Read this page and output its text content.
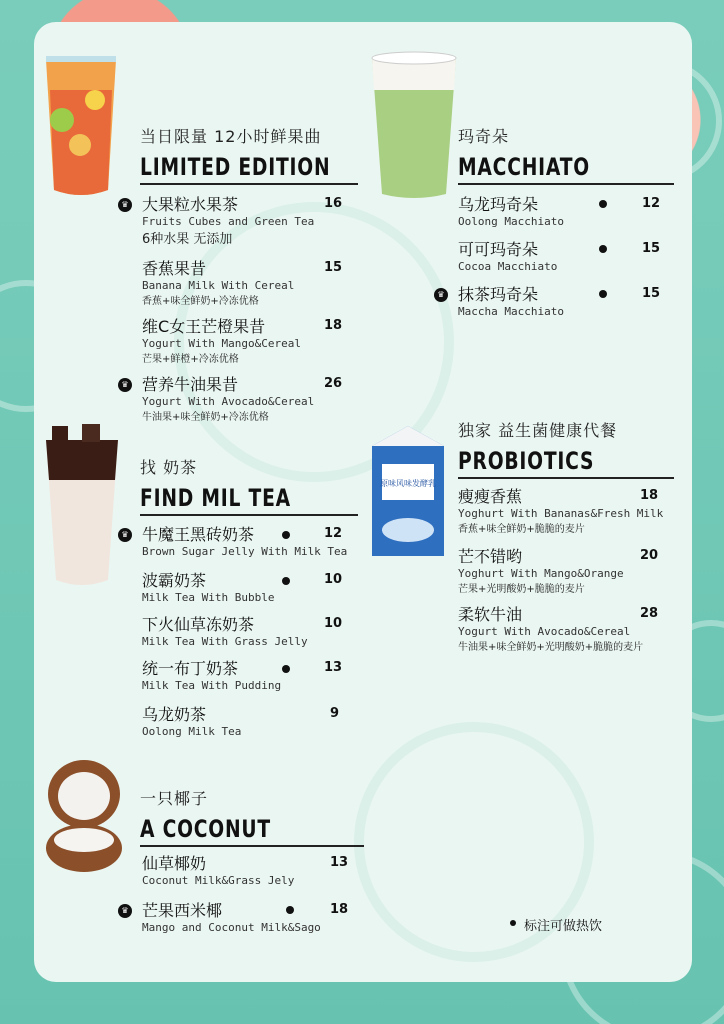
当日限量 12小时鲜果曲
LIMITED EDITION
♛ 大果粒水果茶
Fruits Cubes and Green Tea
6种水果 无添加
16
香蕉果昔
Banana Milk With Cereal
香蕉+味全鲜奶+冷冻优格
15
维C女王芒橙果昔
Yogurt With Mango&Cereal
芒果+鲜橙+冷冻优格
18
♛ 营养牛油果昔
Yogurt With Avocado&Cereal
牛油果+味全鲜奶+冷冻优格
26
找 奶茶
FIND MIL TEA
♛ 牛魔王黑砖奶茶
Brown Sugar Jelly With Milk Tea
12
波霸奶茶
Milk Tea With Bubble
10
下火仙草冻奶茶
Milk Tea With Grass Jelly
10
统一布丁奶茶
Milk Tea With Pudding
13
乌龙奶茶
Oolong Milk Tea
9
一只椰子
A COCONUT
仙草椰奶
Coconut Milk&Grass Jely
13
♛ 芒果西米椰
Mango and Coconut Milk&Sago
18
原味风味发酵乳
玛奇朵
MACCHIATO
乌龙玛奇朵
Oolong Macchiato
12
可可玛奇朵
Cocoa Macchiato
15
♛ 抹茶玛奇朵
Maccha Macchiato
15
独家 益生菌健康代餐
PROBIOTICS
瘦瘦香蕉
Yoghurt With Bananas&Fresh Milk
香蕉+味全鲜奶+脆脆的麦片
18
芒不错哟
Yoghurt With Mango&Orange
芒果+光明酸奶+脆脆的麦片
20
柔软牛油
Yogurt With Avocado&Cereal
牛油果+味全鲜奶+光明酸奶+脆脆的麦片
28
标注可做热饮
